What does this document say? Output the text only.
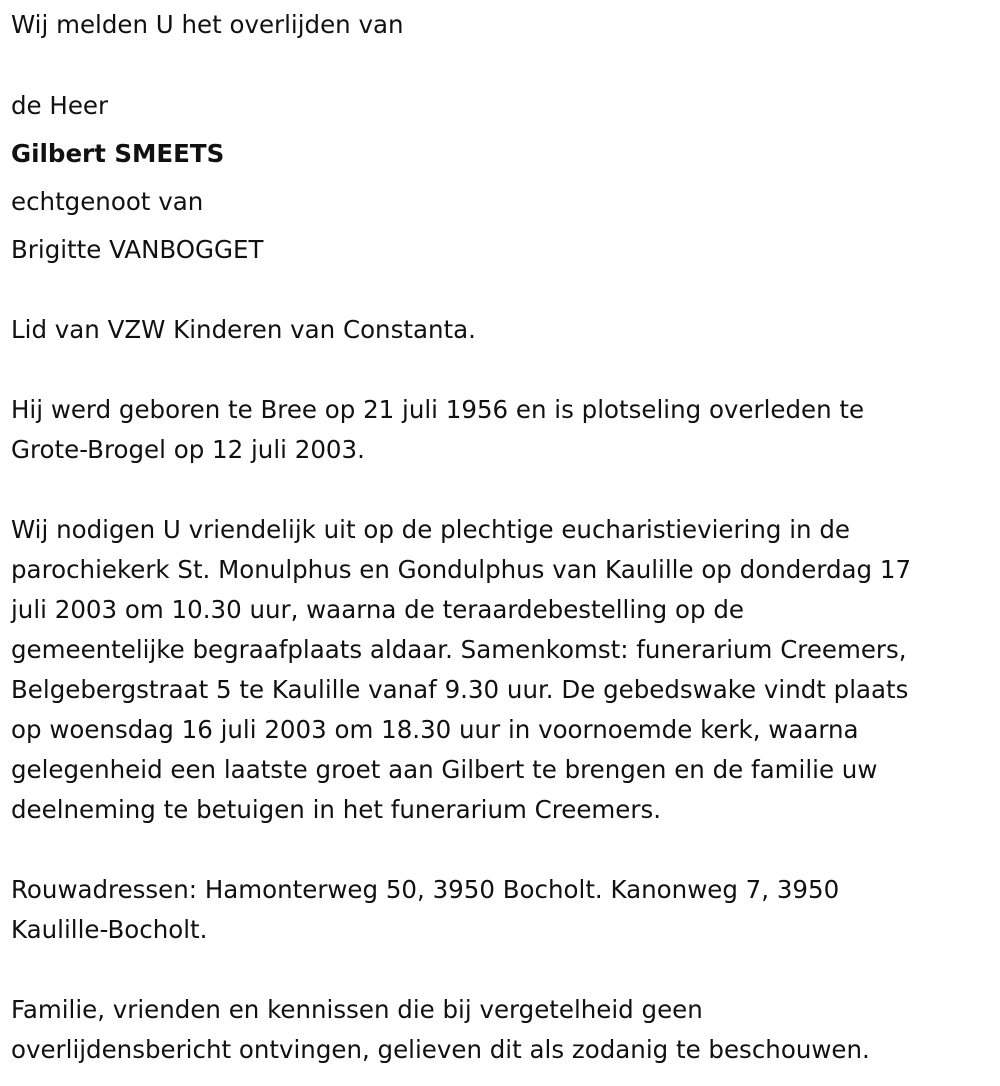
Wij melden U het overlijden van

de Heer

Gilbert SMEETS

echtgenoot van

Brigitte VANBOGGET

Lid van VZW Kinderen van Constanta.

Hij werd geboren te Bree op 21 juli 1956 en is plotseling overleden te
Grote-Brogel op 12 juli 2003.

Wij nodigen U vriendelijk uit op de plechtige eucharistieviering in de
parochiekerk St. Monulphus en Gondulphus van Kaulille op donderdag 17
juli 2003 om 10.30 uur, waarna de teraardebestelling op de
gemeentelijke begraafplaats aldaar. Samenkomst: funerarium Creemers,
Belgebergstraat 5 te Kaulille vanaf 9.30 uur. De gebedswake vindt plaats
op woensdag 16 juli 2003 om 18.30 uur in voornoemde kerk, waarna
gelegenheid een laatste groet aan Gilbert te brengen en de familie uw
deelneming te betuigen in het funerarium Creemers.

Rouwadressen: Hamonterweg 50, 3950 Bocholt. Kanonweg 7, 3950
Kaulille-Bocholt.

Familie, vrienden en kennissen die bij vergetelheid geen
overlijdensbericht ontvingen, gelieven dit als zodanig te beschouwen.
